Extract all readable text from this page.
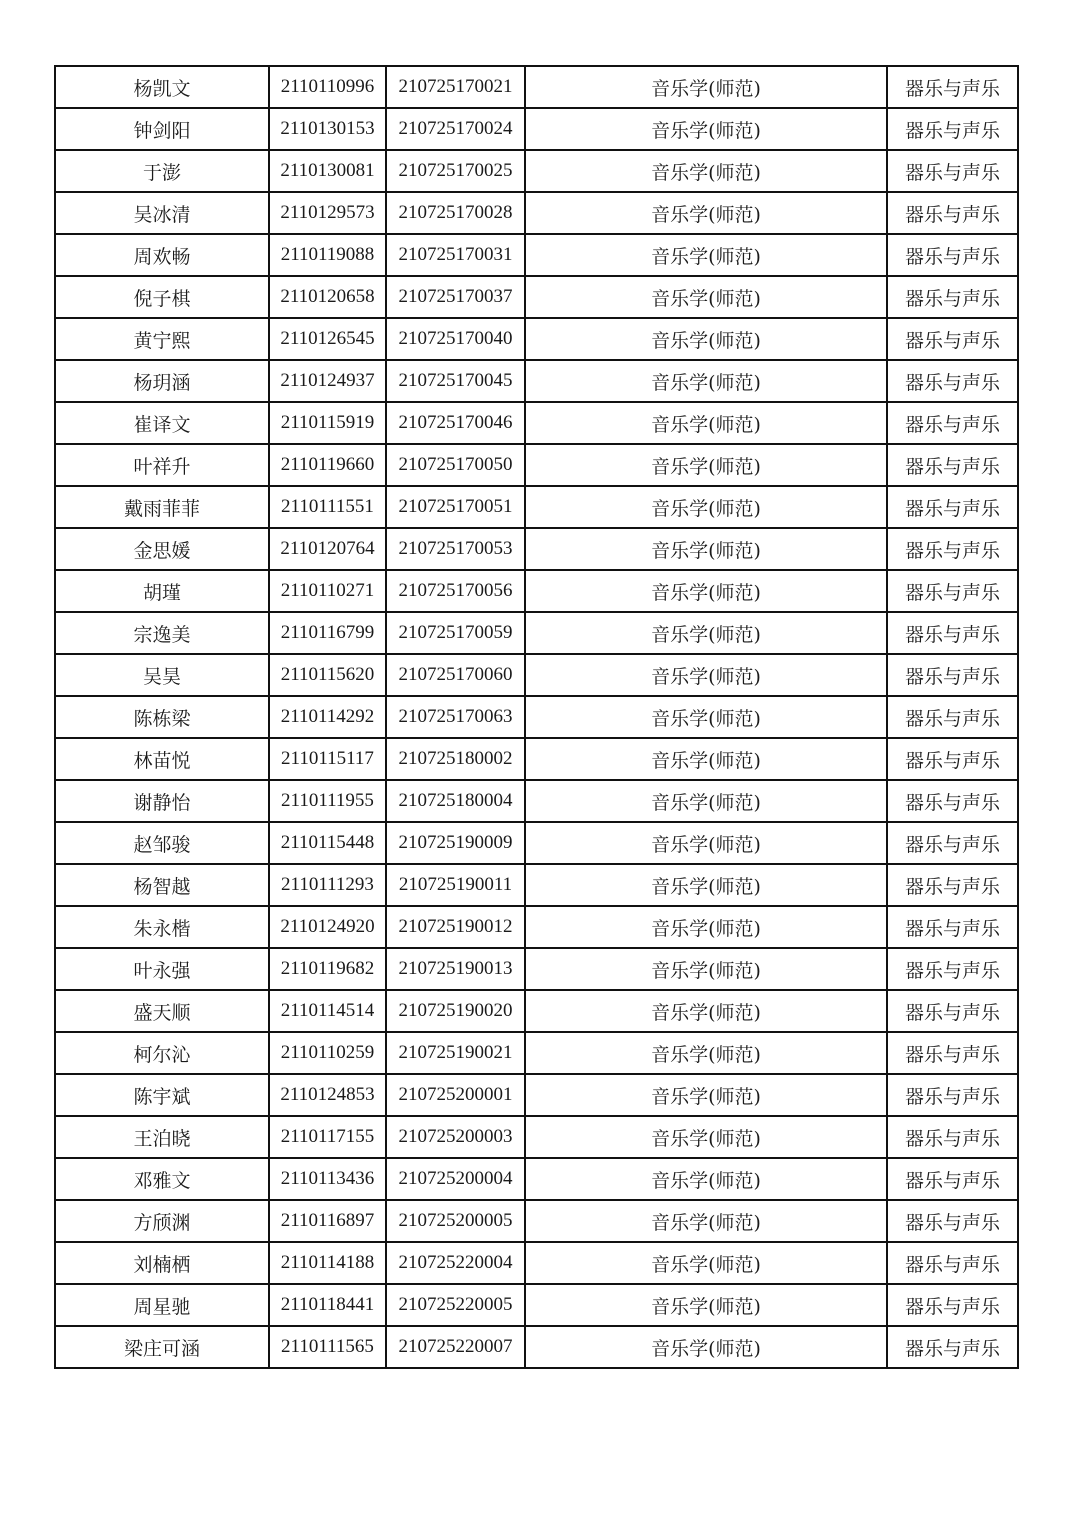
杨凯文	2110110996	210725170021	音乐学(师范)	器乐与声乐
钟剑阳	2110130153	210725170024	音乐学(师范)	器乐与声乐
于澎	2110130081	210725170025	音乐学(师范)	器乐与声乐
吴冰清	2110129573	210725170028	音乐学(师范)	器乐与声乐
周欢畅	2110119088	210725170031	音乐学(师范)	器乐与声乐
倪子棋	2110120658	210725170037	音乐学(师范)	器乐与声乐
黄宁熙	2110126545	210725170040	音乐学(师范)	器乐与声乐
杨玥涵	2110124937	210725170045	音乐学(师范)	器乐与声乐
崔译文	2110115919	210725170046	音乐学(师范)	器乐与声乐
叶祥升	2110119660	210725170050	音乐学(师范)	器乐与声乐
戴雨菲菲	2110111551	210725170051	音乐学(师范)	器乐与声乐
金思媛	2110120764	210725170053	音乐学(师范)	器乐与声乐
胡瑾	2110110271	210725170056	音乐学(师范)	器乐与声乐
宗逸美	2110116799	210725170059	音乐学(师范)	器乐与声乐
吴昊	2110115620	210725170060	音乐学(师范)	器乐与声乐
陈栋梁	2110114292	210725170063	音乐学(师范)	器乐与声乐
林苗悦	2110115117	210725180002	音乐学(师范)	器乐与声乐
谢静怡	2110111955	210725180004	音乐学(师范)	器乐与声乐
赵邹骏	2110115448	210725190009	音乐学(师范)	器乐与声乐
杨智越	2110111293	210725190011	音乐学(师范)	器乐与声乐
朱永楷	2110124920	210725190012	音乐学(师范)	器乐与声乐
叶永强	2110119682	210725190013	音乐学(师范)	器乐与声乐
盛天顺	2110114514	210725190020	音乐学(师范)	器乐与声乐
柯尔沁	2110110259	210725190021	音乐学(师范)	器乐与声乐
陈宇斌	2110124853	210725200001	音乐学(师范)	器乐与声乐
王泊晓	2110117155	210725200003	音乐学(师范)	器乐与声乐
邓雅文	2110113436	210725200004	音乐学(师范)	器乐与声乐
方颀渊	2110116897	210725200005	音乐学(师范)	器乐与声乐
刘楠栖	2110114188	210725220004	音乐学(师范)	器乐与声乐
周星驰	2110118441	210725220005	音乐学(师范)	器乐与声乐
梁庄可涵	2110111565	210725220007	音乐学(师范)	器乐与声乐
